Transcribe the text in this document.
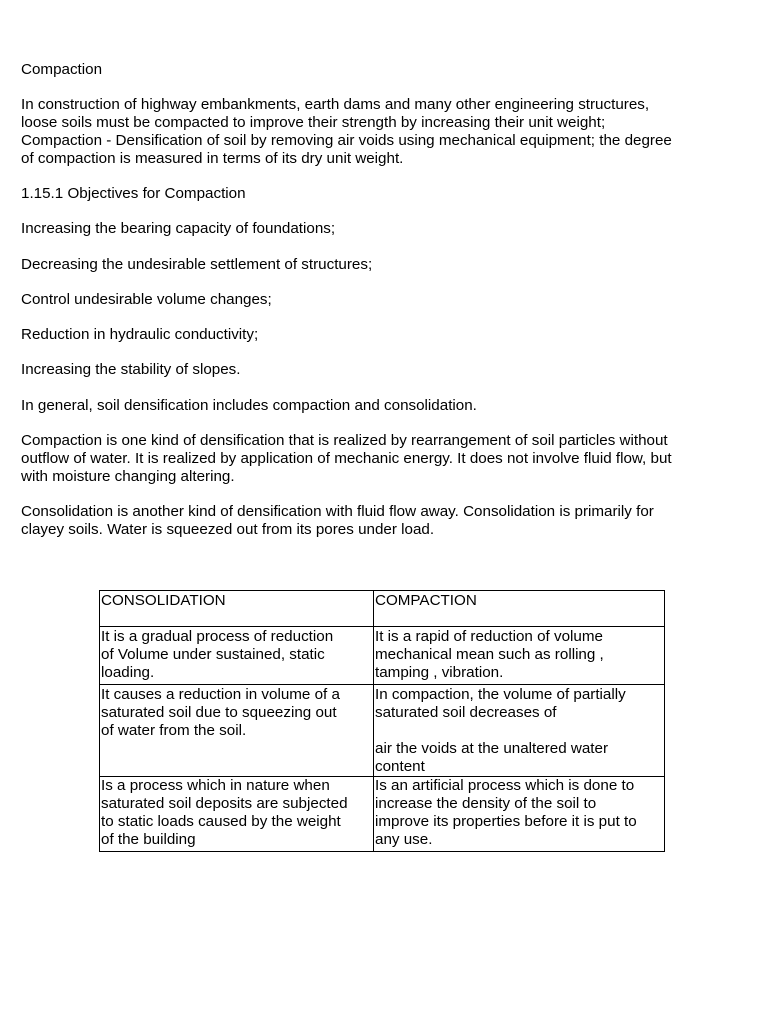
Compaction

In construction of highway embankments, earth dams and many other engineering structures,
loose soils must be compacted to improve their strength by increasing their unit weight;
Compaction - Densification of soil by removing air voids using mechanical equipment; the degree
of compaction is measured in terms of its dry unit weight.

1.15.1 Objectives for Compaction

Increasing the bearing capacity of foundations;

Decreasing the undesirable settlement of structures;

Control undesirable volume changes;

Reduction in hydraulic conductivity;

Increasing the stability of slopes.

In general, soil densification includes compaction and consolidation.

Compaction is one kind of densification that is realized by rearrangement of soil particles without
outflow of water. It is realized by application of mechanic energy. It does not involve fluid flow, but
with moisture changing altering.

Consolidation is another kind of densification with fluid flow away. Consolidation is primarily for
clayey soils. Water is squeezed out from its pores under load.

CONSOLIDATION	COMPACTION
It is a gradual process of reduction
of Volume under sustained, static
loading.	It is a rapid of reduction of volume
mechanical mean such as rolling ,
tamping , vibration.
It causes a reduction in volume of a
saturated soil due to squeezing out
of water from the soil.	In compaction, the volume of partially
saturated soil decreases of

air the voids at the unaltered water
content
Is a process which in nature when
saturated soil deposits are subjected
to static loads caused by the weight
of the building	Is an artificial process which is done to
increase the density of the soil to
improve its properties before it is put to
any use.
